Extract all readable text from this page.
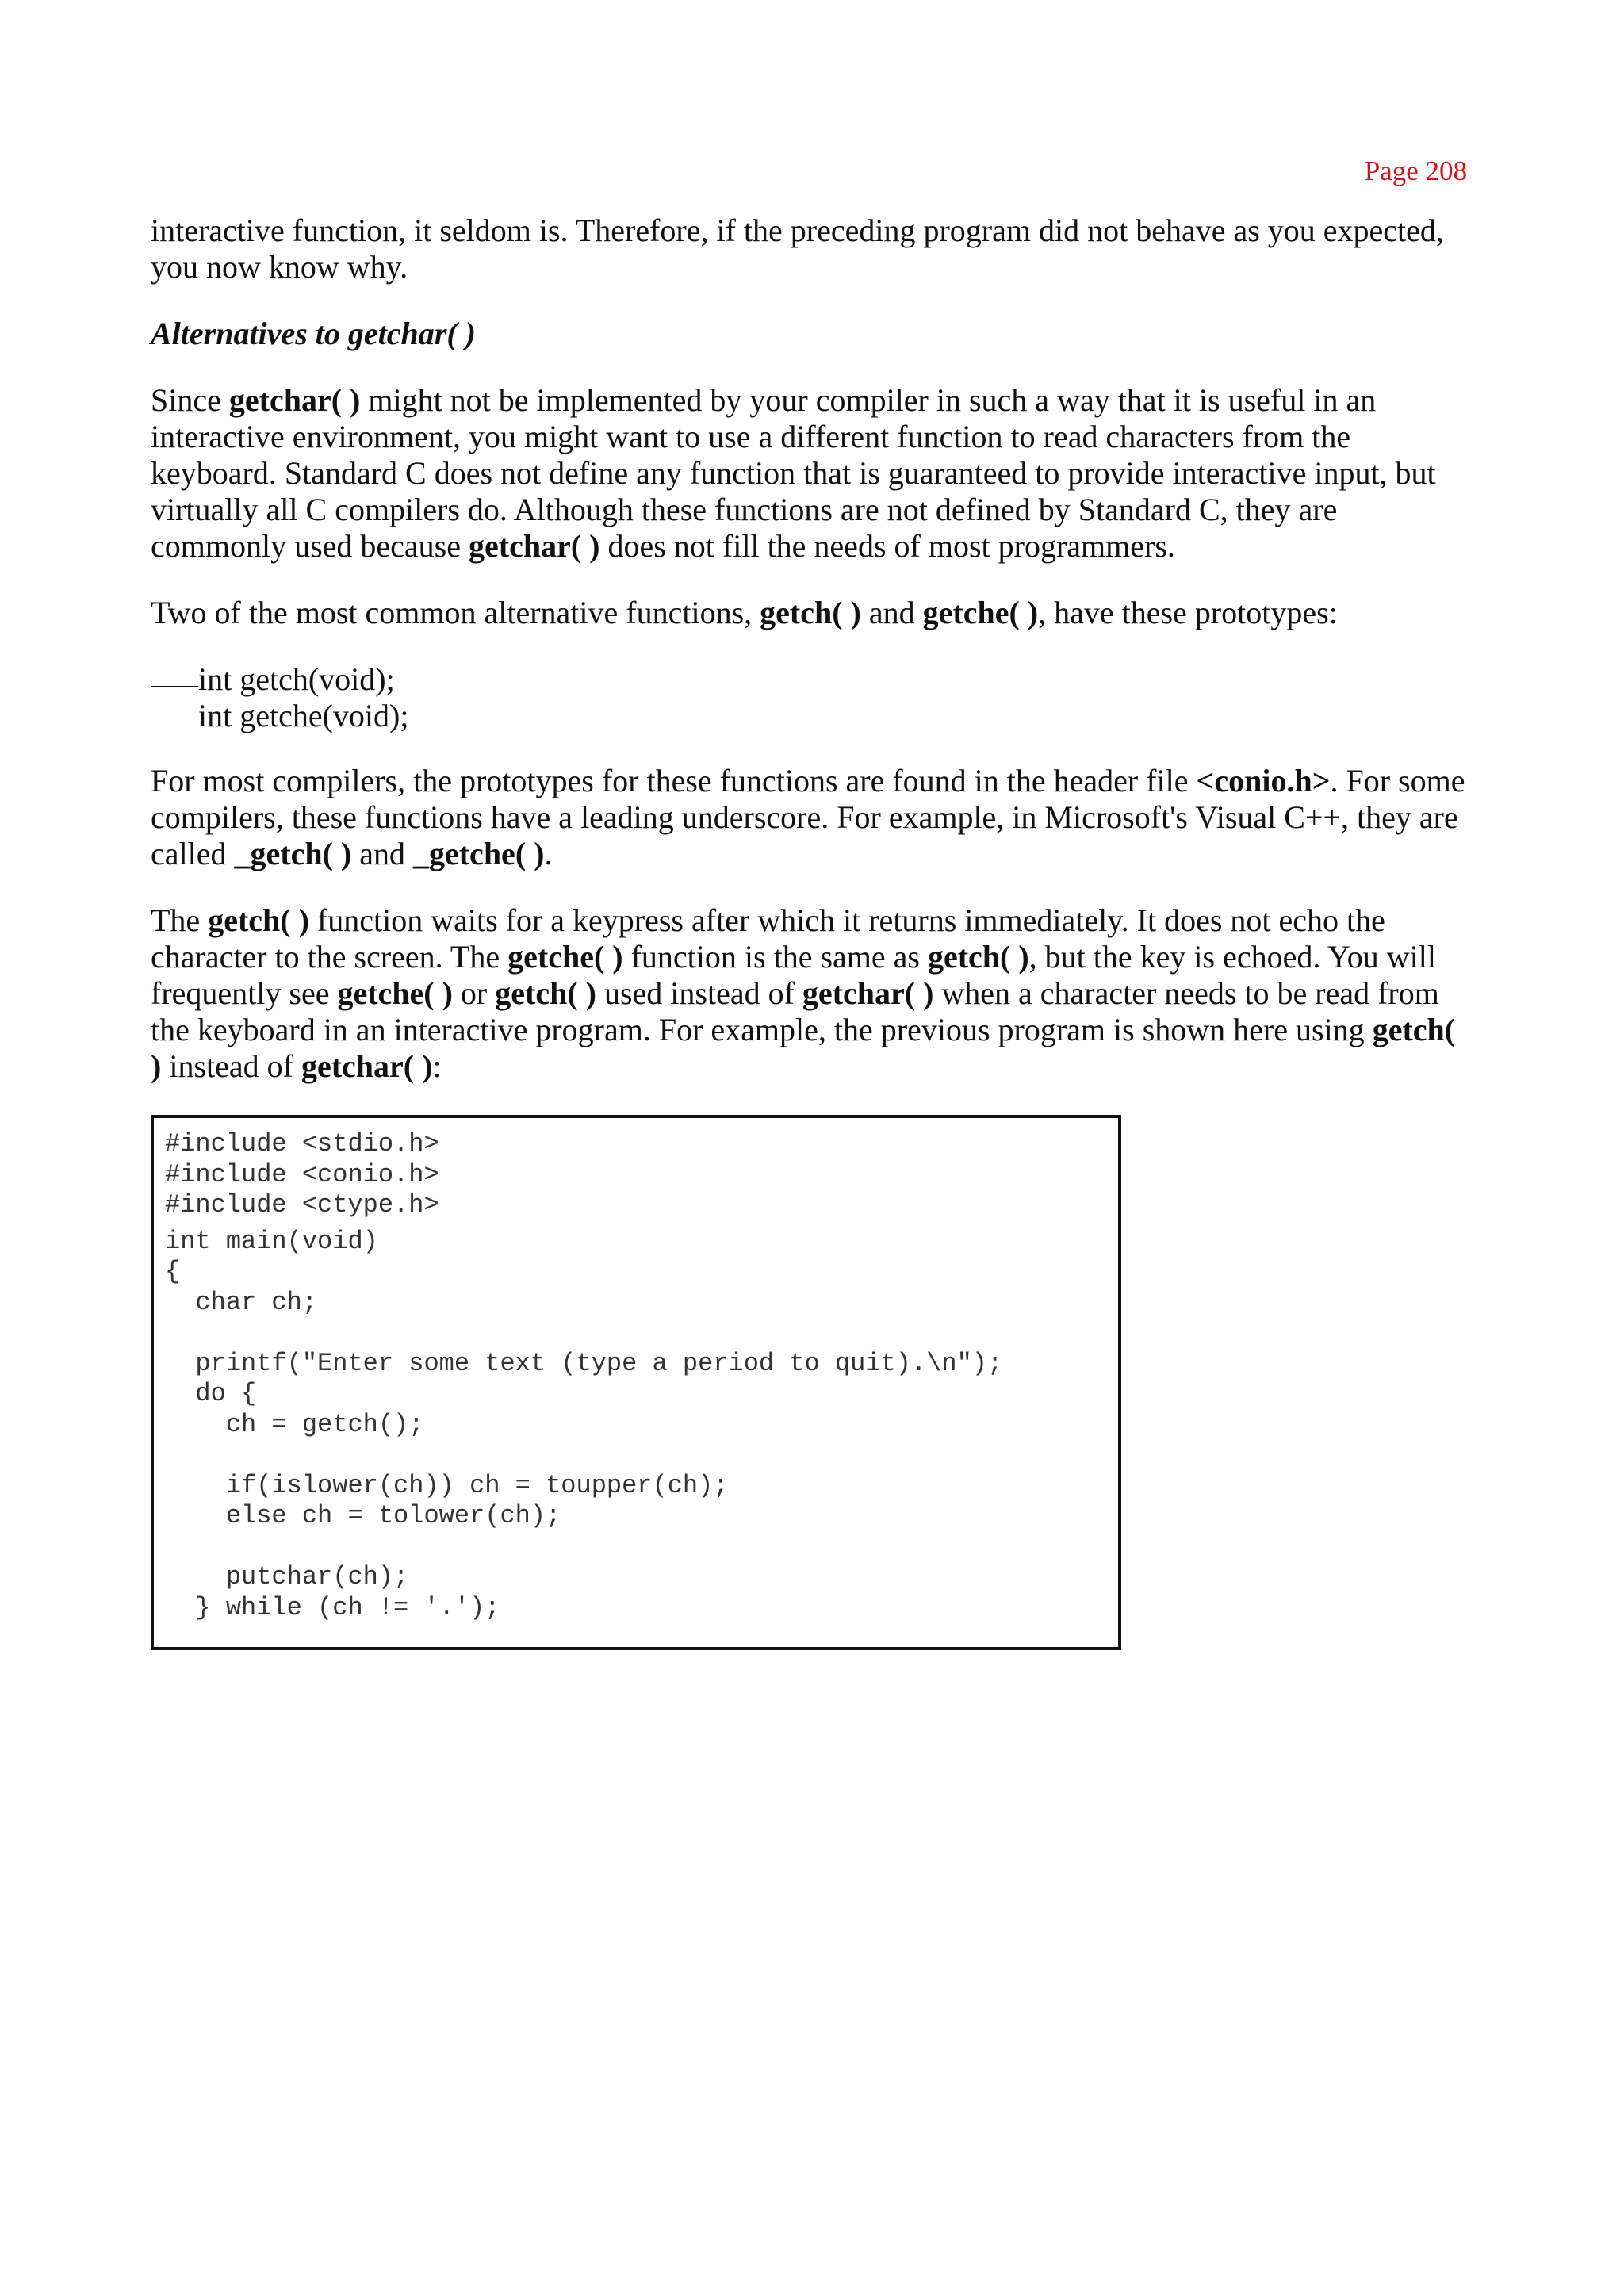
Page 208

interactive function, it seldom is. Therefore, if the preceding program did not behave as you expected, you now know why.

Alternatives to getchar( )

Since getchar( ) might not be implemented by your compiler in such a way that it is useful in an interactive environment, you might want to use a different function to read characters from the keyboard. Standard C does not define any function that is guaranteed to provide interactive input, but virtually all C compilers do. Although these functions are not defined by Standard C, they are commonly used because getchar( ) does not fill the needs of most programmers.

Two of the most common alternative functions, getch( ) and getche( ), have these prototypes:

int getch(void);
int getche(void);

For most compilers, the prototypes for these functions are found in the header file <conio.h>. For some compilers, these functions have a leading underscore. For example, in Microsoft's Visual C++, they are called _getch( ) and _getche( ).

The getch( ) function waits for a keypress after which it returns immediately. It does not echo the character to the screen. The getche( ) function is the same as getch( ), but the key is echoed. You will frequently see getche( ) or getch( ) used instead of getchar( ) when a character needs to be read from the keyboard in an interactive program. For example, the previous program is shown here using getch( ) instead of getchar( ):

#include <stdio.h>
#include <conio.h>
#include <ctype.h>
int main(void)
{
char ch;
printf("Enter some text (type a period to quit).\n");
do {
ch = getch();
if(islower(ch)) ch = toupper(ch);
else ch = tolower(ch);
putchar(ch);
} while (ch != '.');
